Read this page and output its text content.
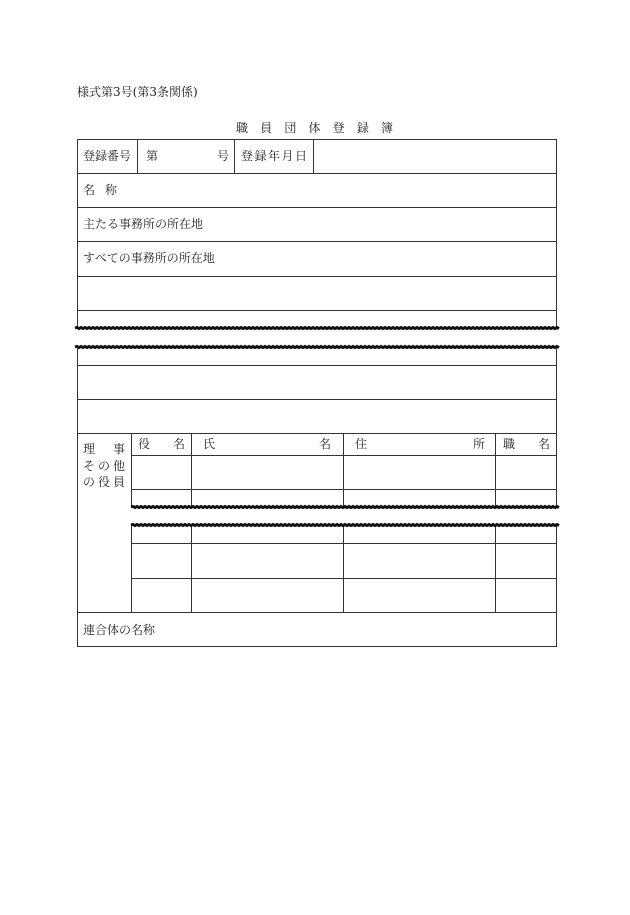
様式第3号(第3条関係)
職 員 団 体 登 録 簿
登録番号 第	号 登録年月日
名 称
主たる事務所の所在地
すべての事務所の所在地
理 事
その他
の役員
役 名 氏 名 住 所 職 名
連合体の名称
